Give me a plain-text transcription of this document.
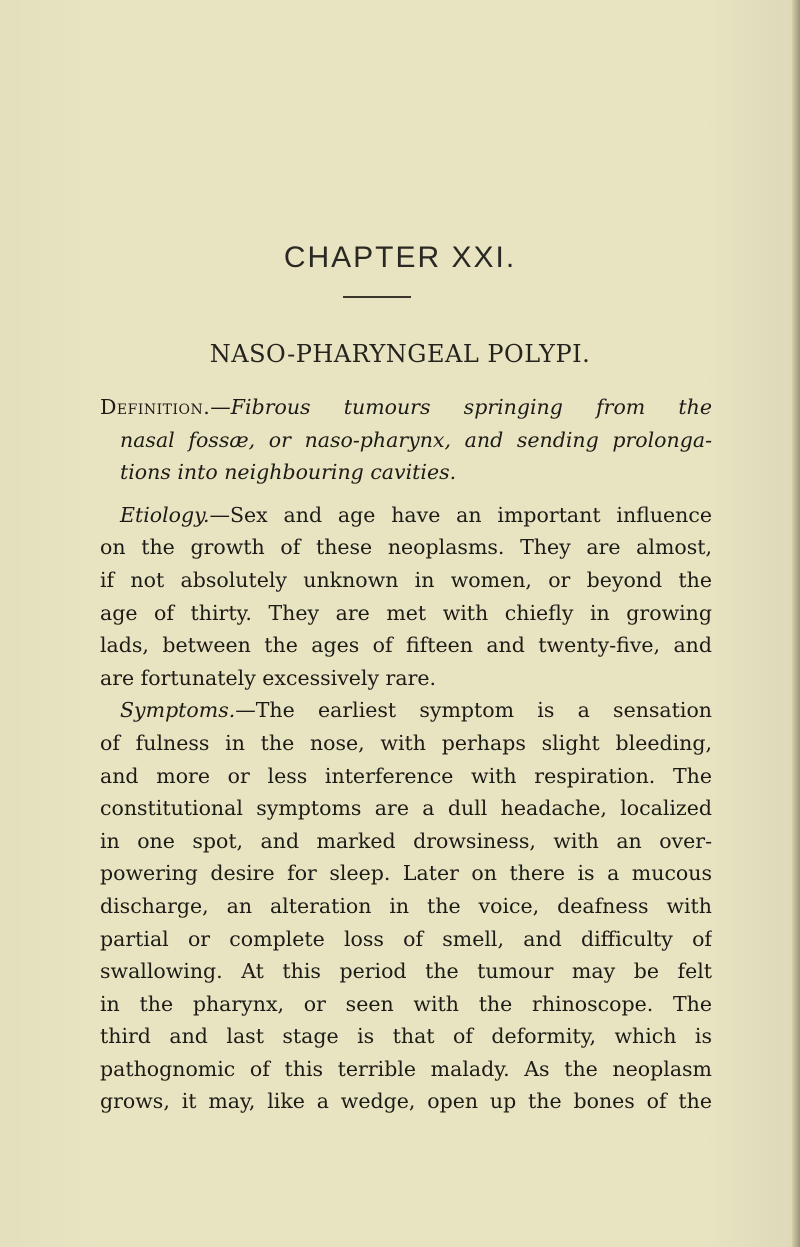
CHAPTER XXI.
NASO-PHARYNGEAL POLYPI.
Definition.—Fibrous tumours springing from the
nasal fossæ, or naso-pharynx, and sending prolonga-
tions into neighbouring cavities.
Etiology.—Sex and age have an important influence
on the growth of these neoplasms. They are almost,
if not absolutely unknown in women, or beyond the
age of thirty. They are met with chiefly in growing
lads, between the ages of fifteen and twenty-five, and
are fortunately excessively rare.
Symptoms.—The earliest symptom is a sensation
of fulness in the nose, with perhaps slight bleeding,
and more or less interference with respiration. The
constitutional symptoms are a dull headache, localized
in one spot, and marked drowsiness, with an over-
powering desire for sleep. Later on there is a mucous
discharge, an alteration in the voice, deafness with
partial or complete loss of smell, and difficulty of
swallowing. At this period the tumour may be felt
in the pharynx, or seen with the rhinoscope. The
third and last stage is that of deformity, which is
pathognomic of this terrible malady. As the neoplasm
grows, it may, like a wedge, open up the bones of the
